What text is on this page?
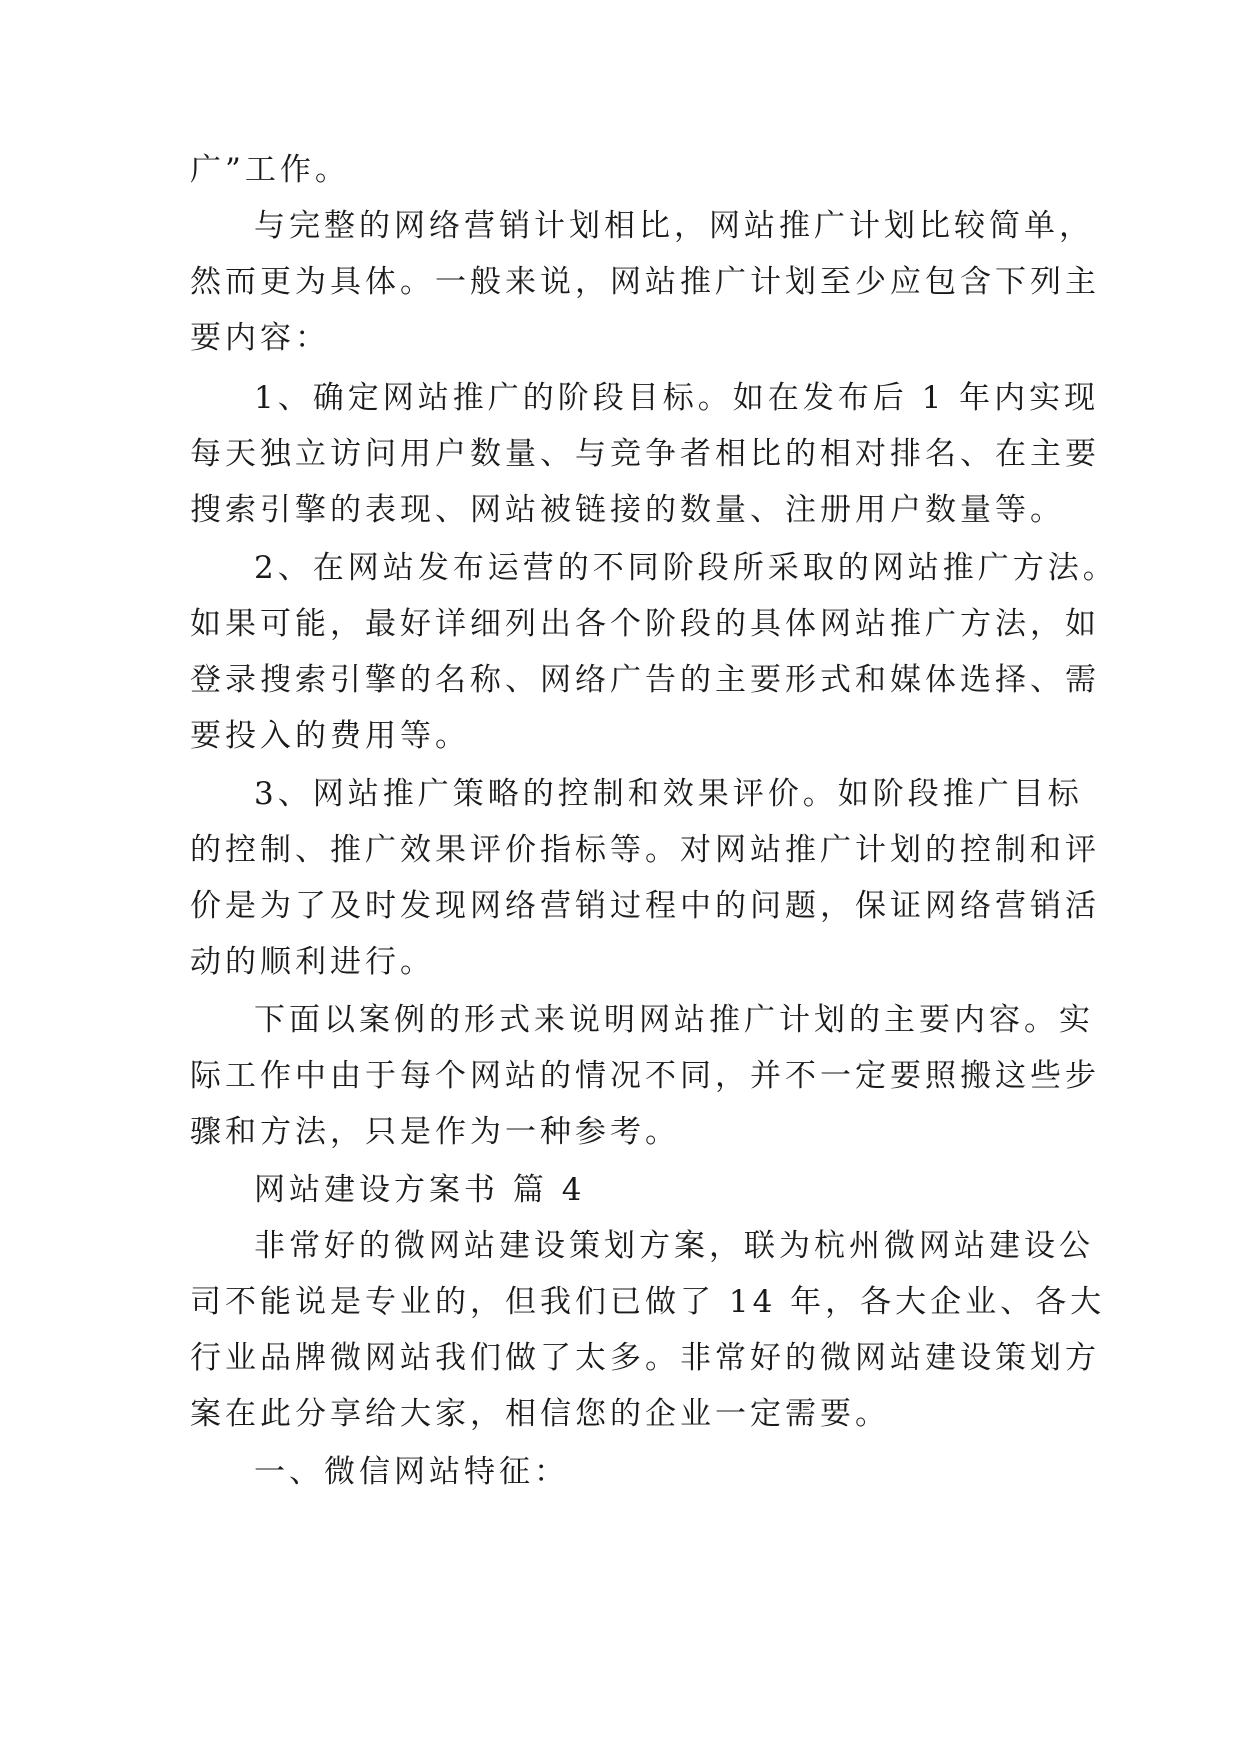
广”工作。
与完整的网络营销计划相比，网站推广计划比较简单，
然而更为具体。一般来说，网站推广计划至少应包含下列主
要内容：
1、确定网站推广的阶段目标。如在发布后 1 年内实现
每天独立访问用户数量、与竞争者相比的相对排名、在主要
搜索引擎的表现、网站被链接的数量、注册用户数量等。
2、在网站发布运营的不同阶段所采取的网站推广方法。
如果可能，最好详细列出各个阶段的具体网站推广方法，如
登录搜索引擎的名称、网络广告的主要形式和媒体选择、需
要投入的费用等。
3、网站推广策略的控制和效果评价。如阶段推广目标
的控制、推广效果评价指标等。对网站推广计划的控制和评
价是为了及时发现网络营销过程中的问题，保证网络营销活
动的顺利进行。
下面以案例的形式来说明网站推广计划的主要内容。实
际工作中由于每个网站的情况不同，并不一定要照搬这些步
骤和方法，只是作为一种参考。
网站建设方案书 篇 4
非常好的微网站建设策划方案，联为杭州微网站建设公
司不能说是专业的，但我们已做了 14 年，各大企业、各大
行业品牌微网站我们做了太多。非常好的微网站建设策划方
案在此分享给大家，相信您的企业一定需要。
一、微信网站特征：
